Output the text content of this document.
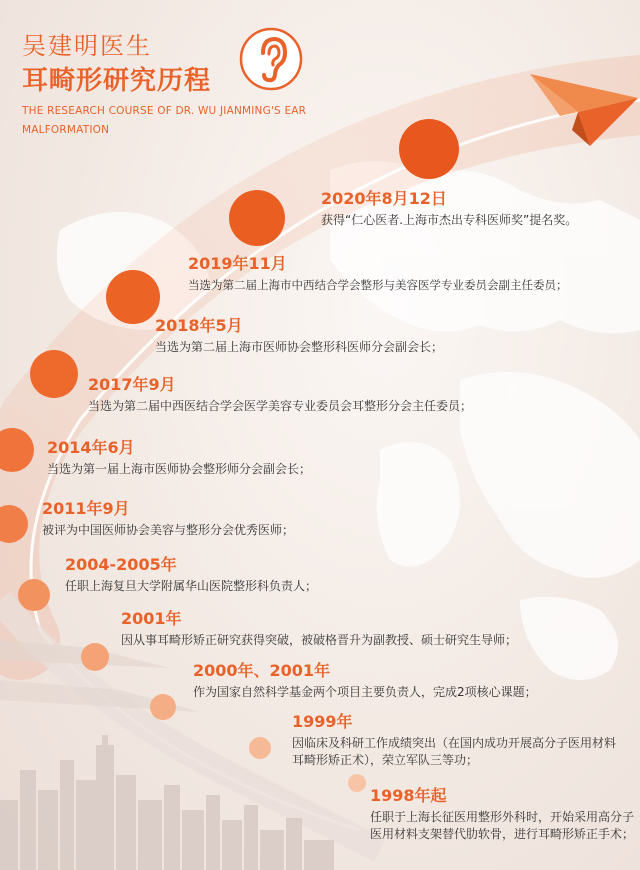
吴建明医生
耳畸形研究历程
THE RESEARCH COURSE OF DR. WU JIANMING'S EAR MALFORMATION
2020年8月12日
获得“仁心医者.上海市杰出专科医师奖”提名奖。
2019年11月
当选为第二届上海市中西结合学会整形与美容医学专业委员会副主任委员；
2018年5月
当选为第二届上海市医师协会整形科医师分会副会长；
2017年9月
当选为第二届中西医结合学会医学美容专业委员会耳整形分会主任委员；
2014年6月
当选为第一届上海市医师协会整形师分会副会长；
2011年9月
被评为中国医师协会美容与整形分会优秀医师；
2004-2005年
任职上海复旦大学附属华山医院整形科负责人；
2001年
因从事耳畸形矫正研究获得突破，被破格晋升为副教授、硕士研究生导师；
2000年、2001年
作为国家自然科学基金两个项目主要负责人，完成2项核心课题；
1999年
因临床及科研工作成绩突出（在国内成功开展高分子医用材料耳畸形矫正术），荣立军队三等功；
1998年起
任职于上海长征医用整形外科时，开始采用高分子医用材料支架替代肋软骨，进行耳畸形矫正手术；
